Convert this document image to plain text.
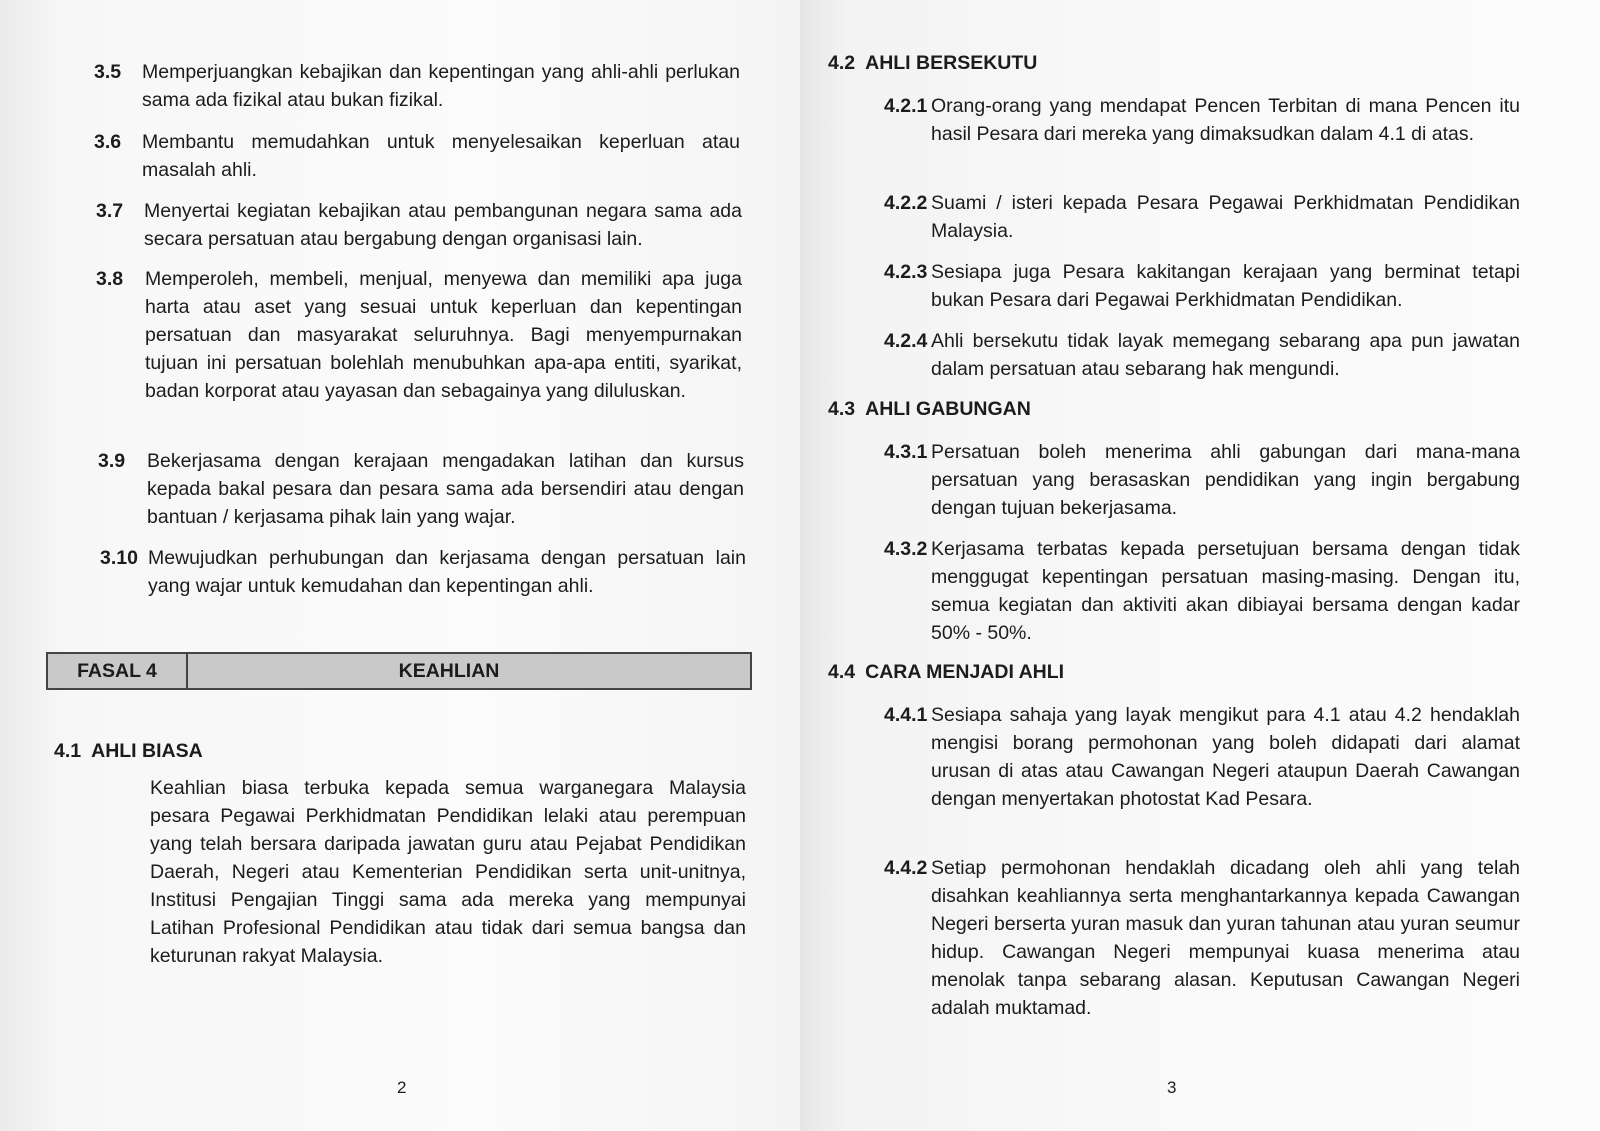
3.5 Memperjuangkan kebajikan dan kepentingan yang ahli-ahli perlukan sama ada fizikal atau bukan fizikal.
3.6 Membantu memudahkan untuk menyelesaikan keperluan atau masalah ahli.
3.7 Menyertai kegiatan kebajikan atau pembangunan negara sama ada secara persatuan atau bergabung dengan organisasi lain.
3.8 Memperoleh, membeli, menjual, menyewa dan memiliki apa juga harta atau aset yang sesuai untuk keperluan dan kepentingan persatuan dan masyarakat seluruhnya. Bagi menyempurnakan tujuan ini persatuan bolehlah menubuhkan apa-apa entiti, syarikat, badan korporat atau yayasan dan sebagainya yang diluluskan.
3.9 Bekerjasama dengan kerajaan mengadakan latihan dan kursus kepada bakal pesara dan pesara sama ada bersendiri atau dengan bantuan / kerjasama pihak lain yang wajar.
3.10 Mewujudkan perhubungan dan kerjasama dengan persatuan lain yang wajar untuk kemudahan dan kepentingan ahli.
FASAL 4	KEAHLIAN
4.1 AHLI BIASA
Keahlian biasa terbuka kepada semua warganegara Malaysia pesara Pegawai Perkhidmatan Pendidikan lelaki atau perempuan yang telah bersara daripada jawatan guru atau Pejabat Pendidikan Daerah, Negeri atau Kementerian Pendidikan serta unit-unitnya, Institusi Pengajian Tinggi sama ada mereka yang mempunyai Latihan Profesional Pendidikan atau tidak dari semua bangsa dan keturunan rakyat Malaysia.
2
4.2 AHLI BERSEKUTU
4.2.1 Orang-orang yang mendapat Pencen Terbitan di mana Pencen itu hasil Pesara dari mereka yang dimaksudkan dalam 4.1 di atas.
4.2.2 Suami / isteri kepada Pesara Pegawai Perkhidmatan Pendidikan Malaysia.
4.2.3 Sesiapa juga Pesara kakitangan kerajaan yang berminat tetapi bukan Pesara dari Pegawai Perkhidmatan Pendidikan.
4.2.4 Ahli bersekutu tidak layak memegang sebarang apa pun jawatan dalam persatuan atau sebarang hak mengundi.
4.3 AHLI GABUNGAN
4.3.1 Persatuan boleh menerima ahli gabungan dari mana-mana persatuan yang berasaskan pendidikan yang ingin bergabung dengan tujuan bekerjasama.
4.3.2 Kerjasama terbatas kepada persetujuan bersama dengan tidak menggugat kepentingan persatuan masing-masing. Dengan itu, semua kegiatan dan aktiviti akan dibiayai bersama dengan kadar 50% - 50%.
4.4 CARA MENJADI AHLI
4.4.1 Sesiapa sahaja yang layak mengikut para 4.1 atau 4.2 hendaklah mengisi borang permohonan yang boleh didapati dari alamat urusan di atas atau Cawangan Negeri ataupun Daerah Cawangan dengan menyertakan photostat Kad Pesara.
4.4.2 Setiap permohonan hendaklah dicadang oleh ahli yang telah disahkan keahliannya serta menghantarkannya kepada Cawangan Negeri berserta yuran masuk dan yuran tahunan atau yuran seumur hidup. Cawangan Negeri mempunyai kuasa menerima atau menolak tanpa sebarang alasan. Keputusan Cawangan Negeri adalah muktamad.
3
